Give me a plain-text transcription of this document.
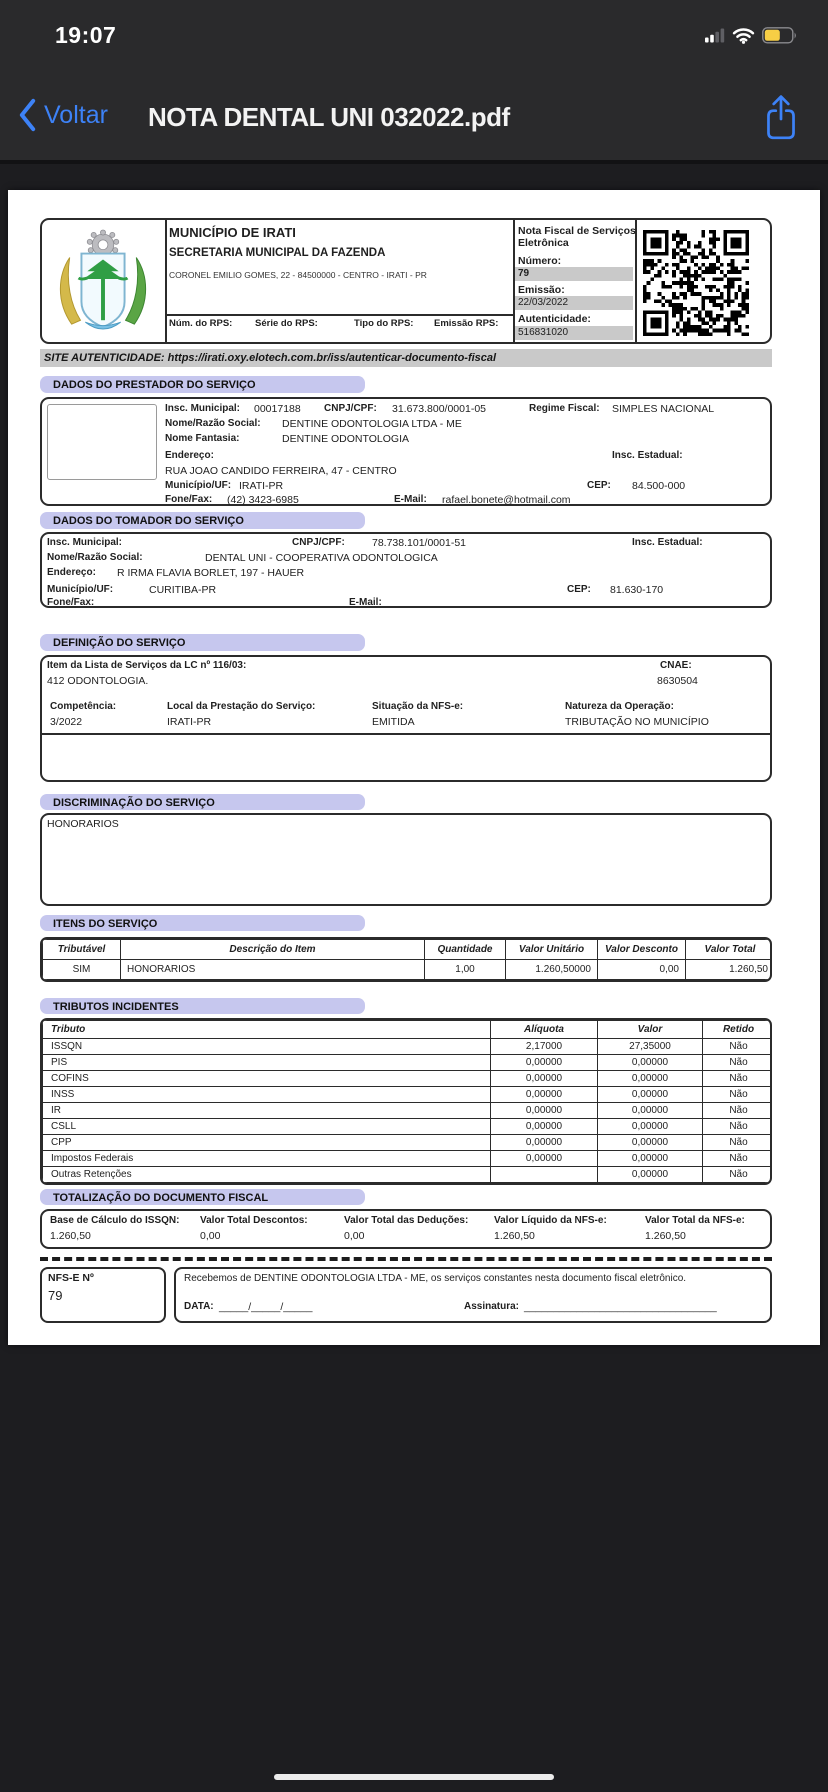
19:07
Voltar NOTA DENTAL UNI 032022.pdf
MUNICÍPIO DE IRATI
SECRETARIA MUNICIPAL DA FAZENDA
CORONEL EMILIO GOMES, 22 - 84500000 - CENTRO - IRATI - PR
Núm. do RPS: Série do RPS:	Tipo do RPS: Emissão RPS:
Nota Fiscal de Serviços
Eletrônica
Número:
79
Emissão:
22/03/2022
Autenticidade:
516831020
SITE AUTENTICIDADE: https://irati.oxy.elotech.com.br/iss/autenticar-documento-fiscal
DADOS DO PRESTADOR DO SERVIÇO
Insc. Municipal: 00017188 CNPJ/CPF: 31.673.800/0001-05	Regime Fiscal: SIMPLES NACIONAL
Nome/Razão Social: DENTINE ODONTOLOGIA LTDA - ME
Nome Fantasia:	DENTINE ODONTOLOGIA
Endereço:	Insc. Estadual:
RUA JOAO CANDIDO FERREIRA, 47 - CENTRO
Município/UF: IRATI-PR	CEP: 84.500-000
Fone/Fax: (42) 3423-6985	E-Mail: rafael.bonete@hotmail.com
DADOS DO TOMADOR DO SERVIÇO
Insc. Municipal:	CNPJ/CPF:	78.738.101/0001-51	Insc. Estadual:
Nome/Razão Social:	DENTAL UNI - COOPERATIVA ODONTOLOGICA
Endereço: R IRMA FLAVIA BORLET, 197 - HAUER
Município/UF:	CURITIBA-PR	CEP: 81.630-170
Fone/Fax:	E-Mail:
DEFINIÇÃO DO SERVIÇO
Item da Lista de Serviços da LC nº 116/03:	CNAE:
412 ODONTOLOGIA.	8630504
Competência:	Local da Prestação do Serviço:	Situação da NFS-e:	Natureza da Operação:
3/2022	IRATI-PR	EMITIDA	TRIBUTAÇÃO NO MUNICÍPIO
DISCRIMINAÇÃO DO SERVIÇO
HONORARIOS
ITENS DO SERVIÇO
Tributável	Descrição do Item	Quantidade	Valor Unitário	Valor Desconto	Valor Total
SIM	HONORARIOS	1,00	1.260,50000	0,00	1.260,50
TRIBUTOS INCIDENTES
Tributo	Alíquota	Valor	Retido
ISSQN	2,17000	27,35000	Não
PIS	0,00000	0,00000	Não
COFINS	0,00000	0,00000	Não
INSS	0,00000	0,00000	Não
IR	0,00000	0,00000	Não
CSLL	0,00000	0,00000	Não
CPP	0,00000	0,00000	Não
Impostos Federais	0,00000	0,00000	Não
Outras Retenções		0,00000	Não
TOTALIZAÇÃO DO DOCUMENTO FISCAL
Base de Cálculo do ISSQN:
1.260,50
Valor Total Descontos:
0,00
Valor Total das Deduções:
0,00
Valor Líquido da NFS-e:
1.260,50
Valor Total da NFS-e:
1.260,50
NFS-E Nº
79
Recebemos de DENTINE ODONTOLOGIA LTDA - ME, os serviços constantes nesta documento fiscal eletrônico.
DATA: _____/_____/_____	Assinatura: _________________________________
